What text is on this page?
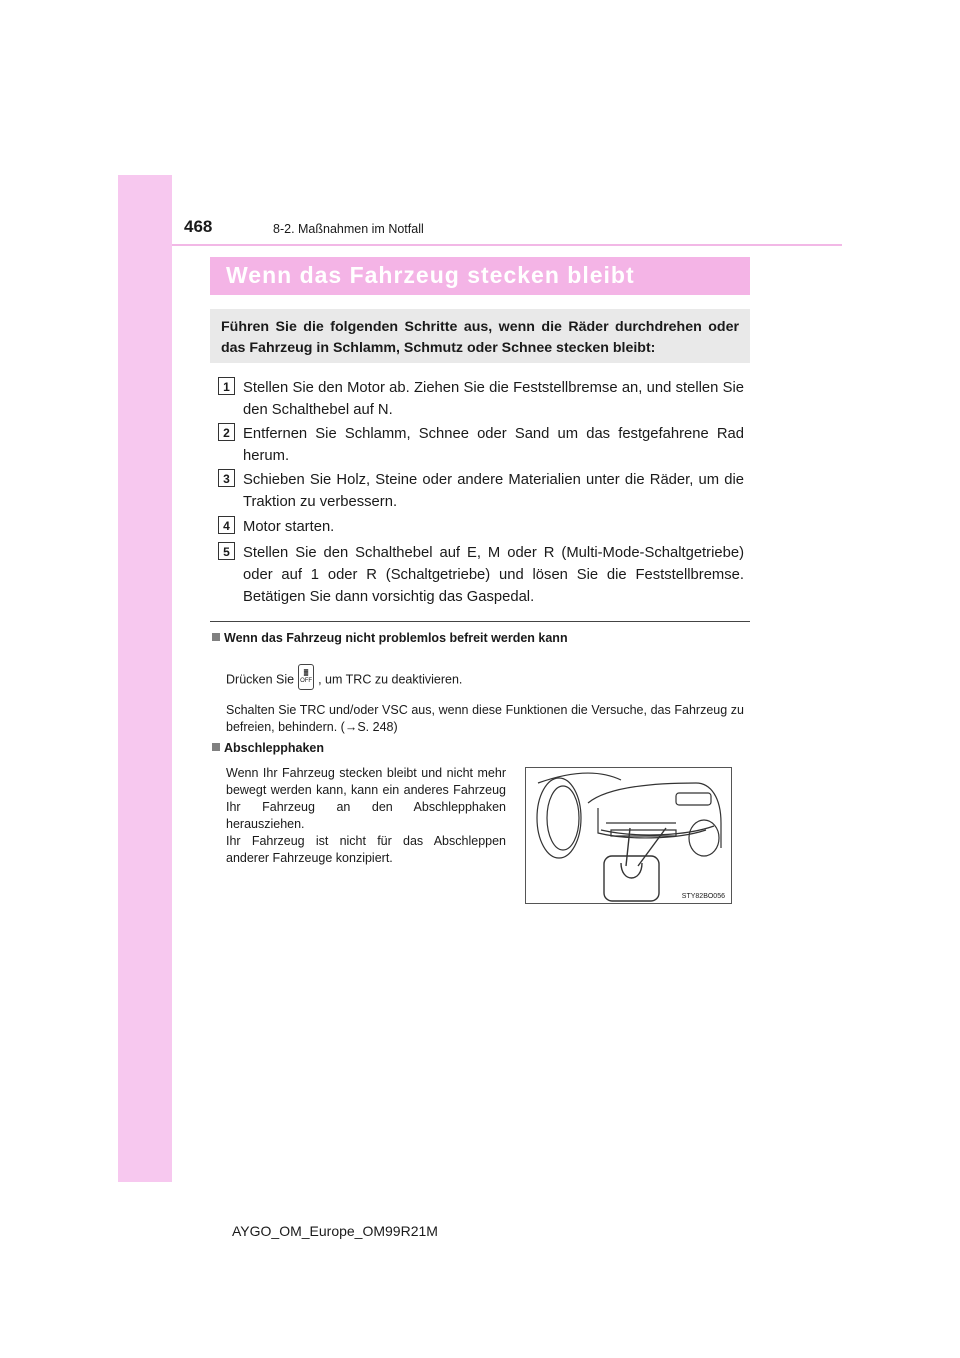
468	8-2. Maßnahmen im Notfall
Wenn das Fahrzeug stecken bleibt
Führen Sie die folgenden Schritte aus, wenn die Räder durchdrehen oder das Fahrzeug in Schlamm, Schmutz oder Schnee stecken bleibt:
1 Stellen Sie den Motor ab. Ziehen Sie die Feststellbremse an, und stellen Sie den Schalthebel auf N.
2 Entfernen Sie Schlamm, Schnee oder Sand um das festgefahrene Rad herum.
3 Schieben Sie Holz, Steine oder andere Materialien unter die Räder, um die Traktion zu verbessern.
4 Motor starten.
5 Stellen Sie den Schalthebel auf E, M oder R (Multi-Mode-Schaltgetriebe) oder auf 1 oder R (Schaltgetriebe) und lösen Sie die Feststellbremse. Betätigen Sie dann vorsichtig das Gaspedal.
Wenn das Fahrzeug nicht problemlos befreit werden kann
Drücken Sie ▓
OFF , um TRC zu deaktivieren.
Schalten Sie TRC und/oder VSC aus, wenn diese Funktionen die Versuche, das Fahrzeug zu befreien, behindern. (→S. 248)
Abschlepphaken
Wenn Ihr Fahrzeug stecken bleibt und nicht mehr bewegt werden kann, kann ein anderes Fahrzeug Ihr Fahrzeug an den Abschlepphaken herausziehen.
Ihr Fahrzeug ist nicht für das Abschleppen anderer Fahrzeuge konzipiert.
STY82BO056
AYGO_OM_Europe_OM99R21M
